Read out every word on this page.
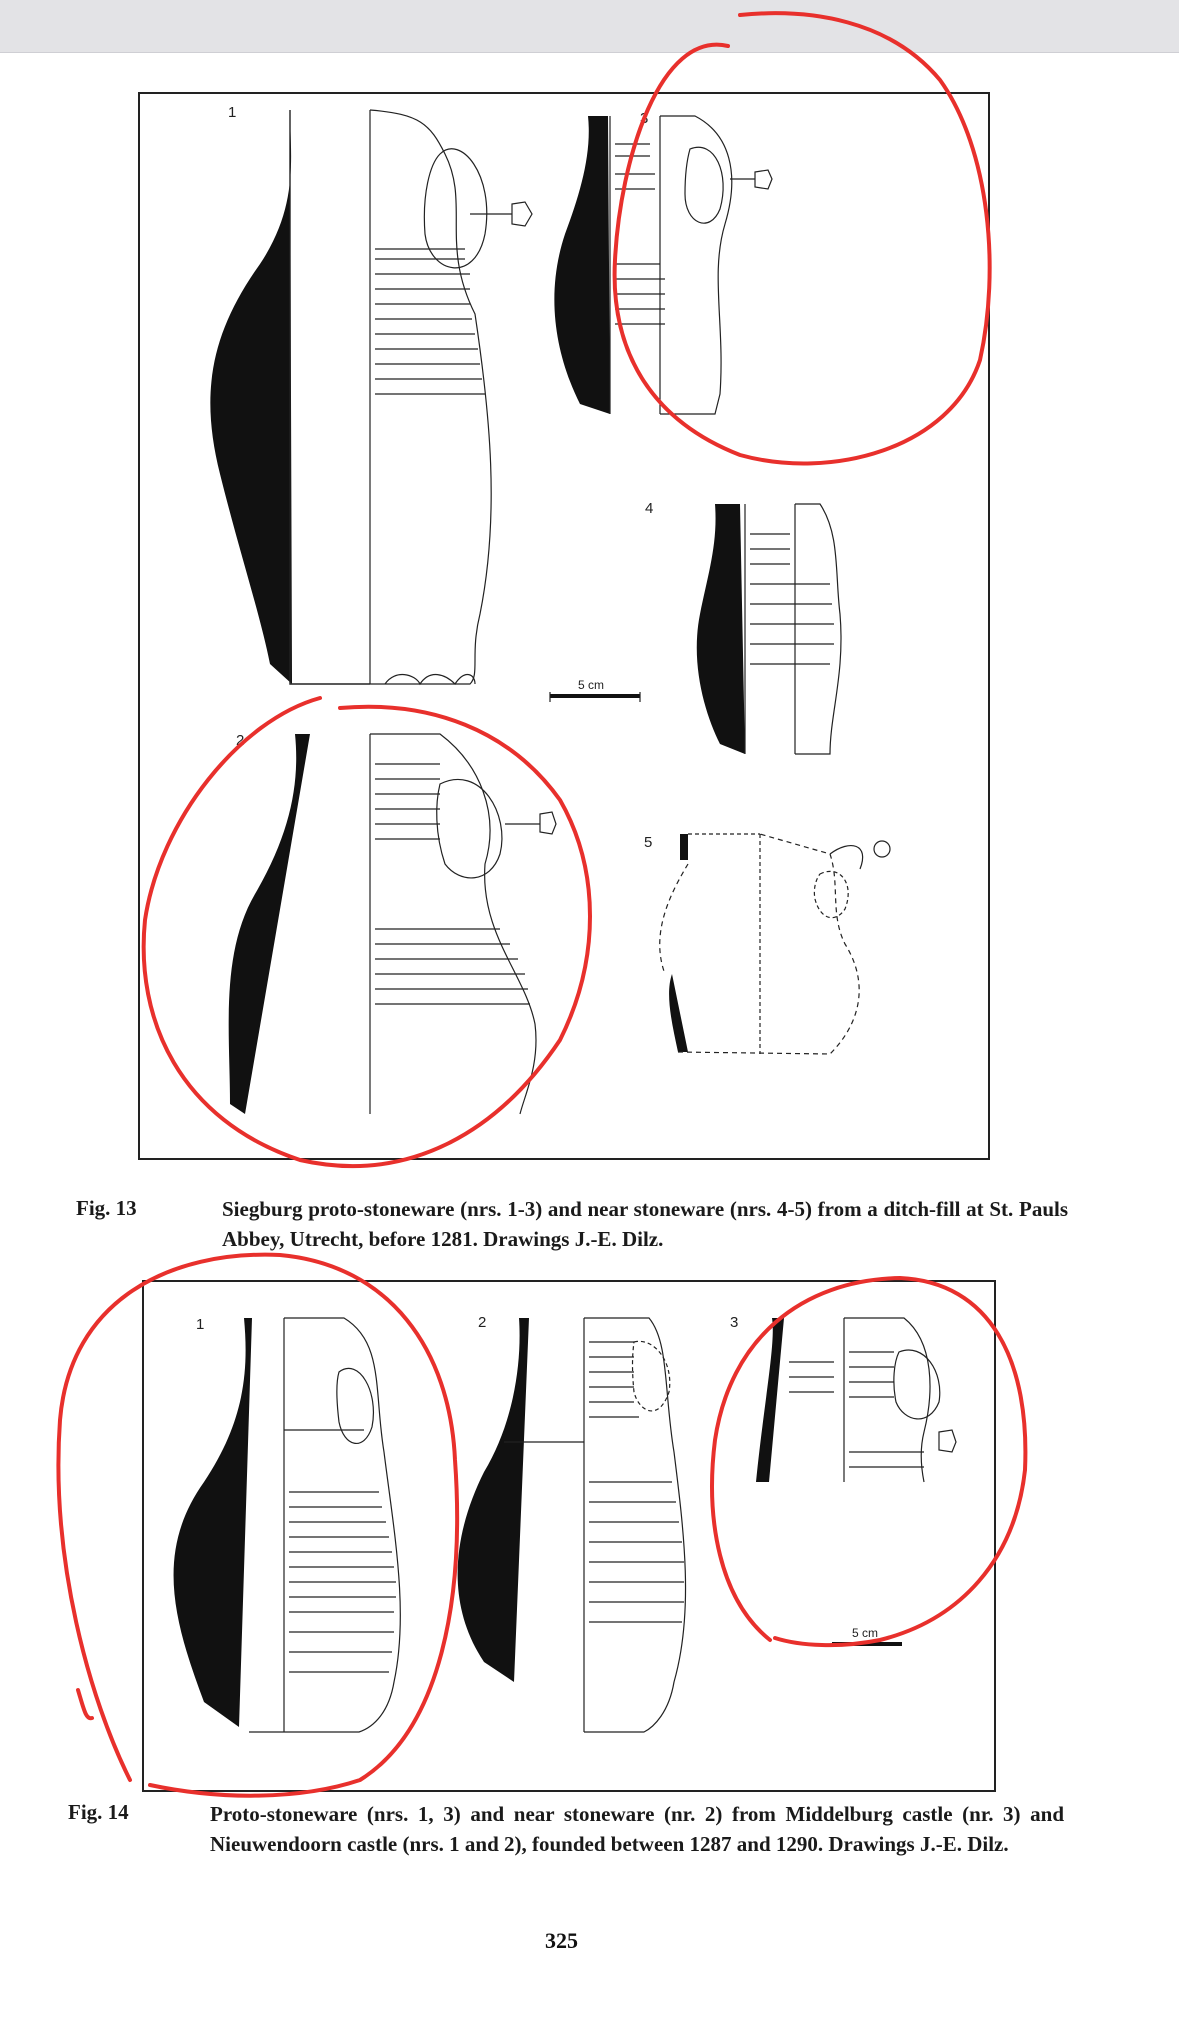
1
2
3
4
5
5 cm
Fig. 13	Siegburg proto-stoneware (nrs. 1-3) and near stoneware (nrs. 4-5) from a ditch-fill at St. Pauls Abbey, Utrecht, before 1281. Drawings J.-E. Dilz.
1	2	3
5 cm
Fig. 14	Proto-stoneware (nrs. 1, 3) and near stoneware (nr. 2) from Middelburg castle (nr. 3) and Nieuwendoorn castle (nrs. 1 and 2), founded between 1287 and 1290. Drawings J.-E. Dilz.
325
